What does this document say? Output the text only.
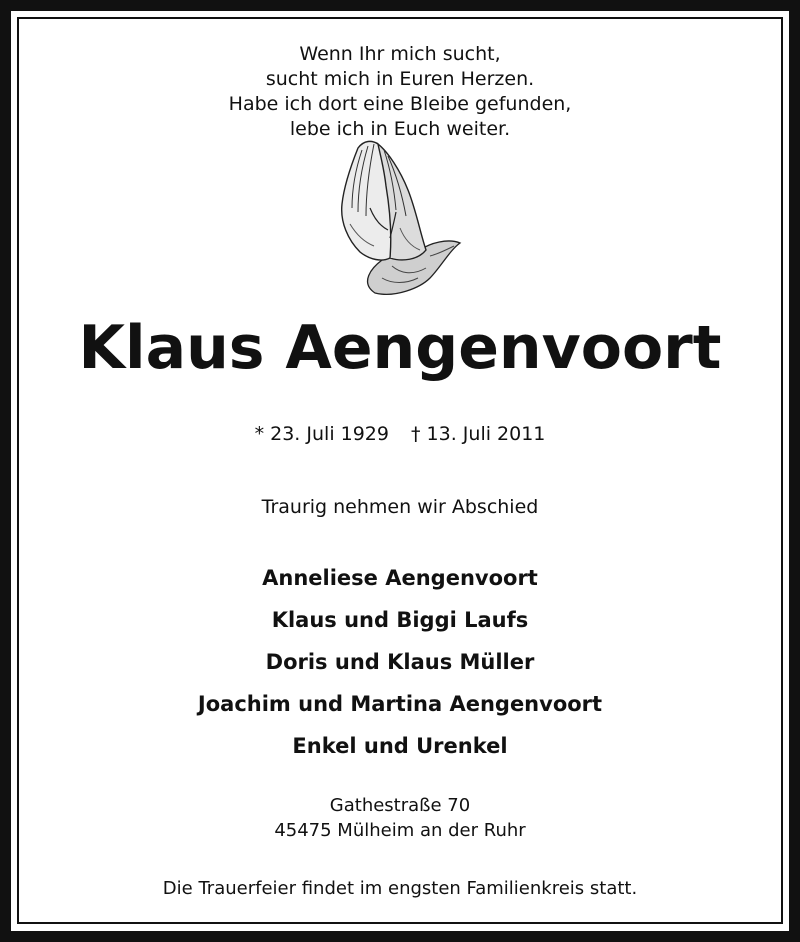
Wenn Ihr mich sucht,
sucht mich in Euren Herzen.
Habe ich dort eine Bleibe gefunden,
lebe ich in Euch weiter.
Klaus Aengenvoort
* 23. Juli 1929 † 13. Juli 2011
Traurig nehmen wir Abschied
Anneliese Aengenvoort
Klaus und Biggi Laufs
Doris und Klaus Müller
Joachim und Martina Aengenvoort
Enkel und Urenkel
Gathestraße 70
45475 Mülheim an der Ruhr
Die Trauerfeier findet im engsten Familienkreis statt.
